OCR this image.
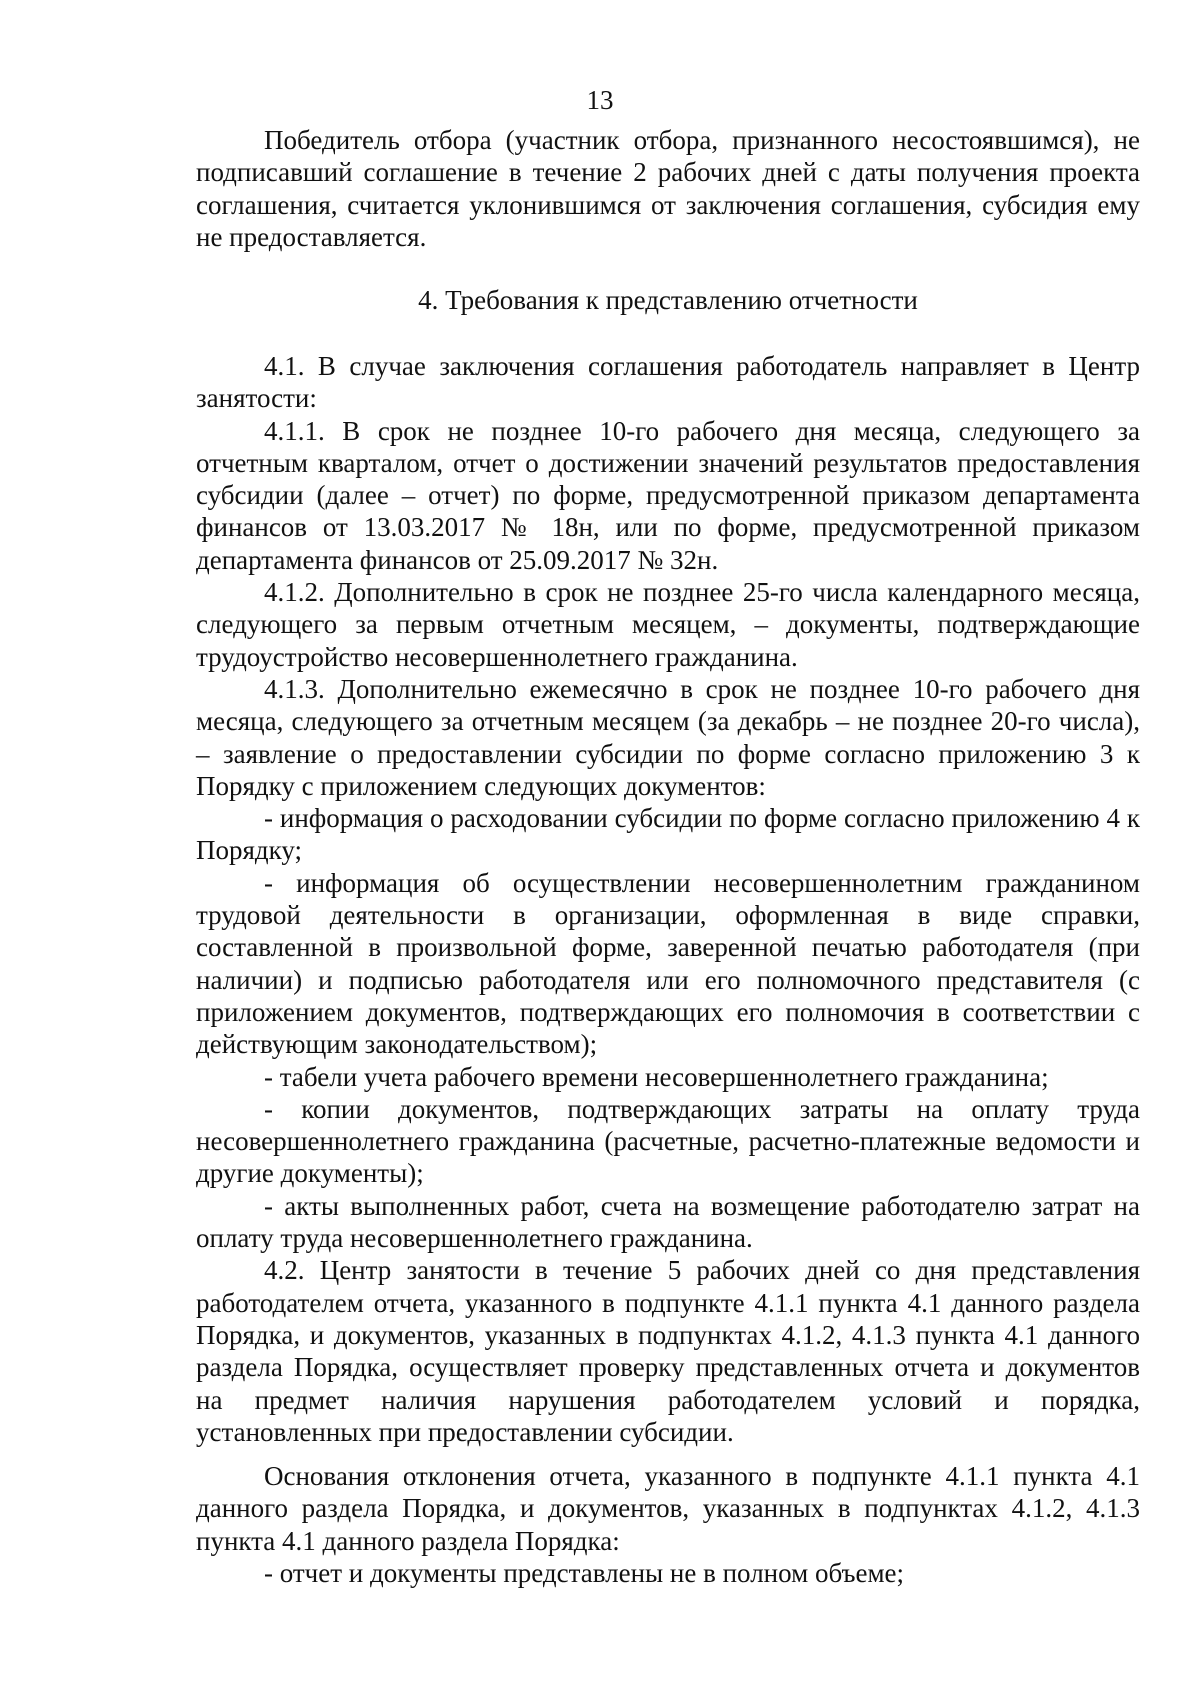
13

Победитель отбора (участник отбора, признанного несостоявшимся), не подписавший соглашение в течение 2 рабочих дней с даты получения проекта соглашения, считается уклонившимся от заключения соглашения, субсидия ему не предоставляется.

4. Требования к представлению отчетности

4.1. В случае заключения соглашения работодатель направляет в Центр занятости:

4.1.1. В срок не позднее 10-го рабочего дня месяца, следующего за отчетным кварталом, отчет о достижении значений результатов предоставления субсидии (далее – отчет) по форме, предусмотренной приказом департамента финансов от 13.03.2017 № 18н, или по форме, предусмотренной приказом департамента финансов от 25.09.2017 № 32н.

4.1.2. Дополнительно в срок не позднее 25-го числа календарного месяца, следующего за первым отчетным месяцем, – документы, подтверждающие трудоустройство несовершеннолетнего гражданина.

4.1.3. Дополнительно ежемесячно в срок не позднее 10-го рабочего дня месяца, следующего за отчетным месяцем (за декабрь – не позднее 20-го числа), – заявление о предоставлении субсидии по форме согласно приложению 3 к Порядку с приложением следующих документов:

- информация о расходовании субсидии по форме согласно приложению 4 к Порядку;

- информация об осуществлении несовершеннолетним гражданином трудовой деятельности в организации, оформленная в виде справки, составленной в произвольной форме, заверенной печатью работодателя (при наличии) и подписью работодателя или его полномочного представителя (с приложением документов, подтверждающих его полномочия в соответствии с действующим законодательством);

- табели учета рабочего времени несовершеннолетнего гражданина;

- копии документов, подтверждающих затраты на оплату труда несовершеннолетнего гражданина (расчетные, расчетно-платежные ведомости и другие документы);

- акты выполненных работ, счета на возмещение работодателю затрат на оплату труда несовершеннолетнего гражданина.

4.2. Центр занятости в течение 5 рабочих дней со дня представления работодателем отчета, указанного в подпункте 4.1.1 пункта 4.1 данного раздела Порядка, и документов, указанных в подпунктах 4.1.2, 4.1.3 пункта 4.1 данного раздела Порядка, осуществляет проверку представленных отчета и документов на предмет наличия нарушения работодателем условий и порядка, установленных при предоставлении субсидии.

Основания отклонения отчета, указанного в подпункте 4.1.1 пункта 4.1 данного раздела Порядка, и документов, указанных в подпунктах 4.1.2, 4.1.3 пункта 4.1 данного раздела Порядка:

- отчет и документы представлены не в полном объеме;
